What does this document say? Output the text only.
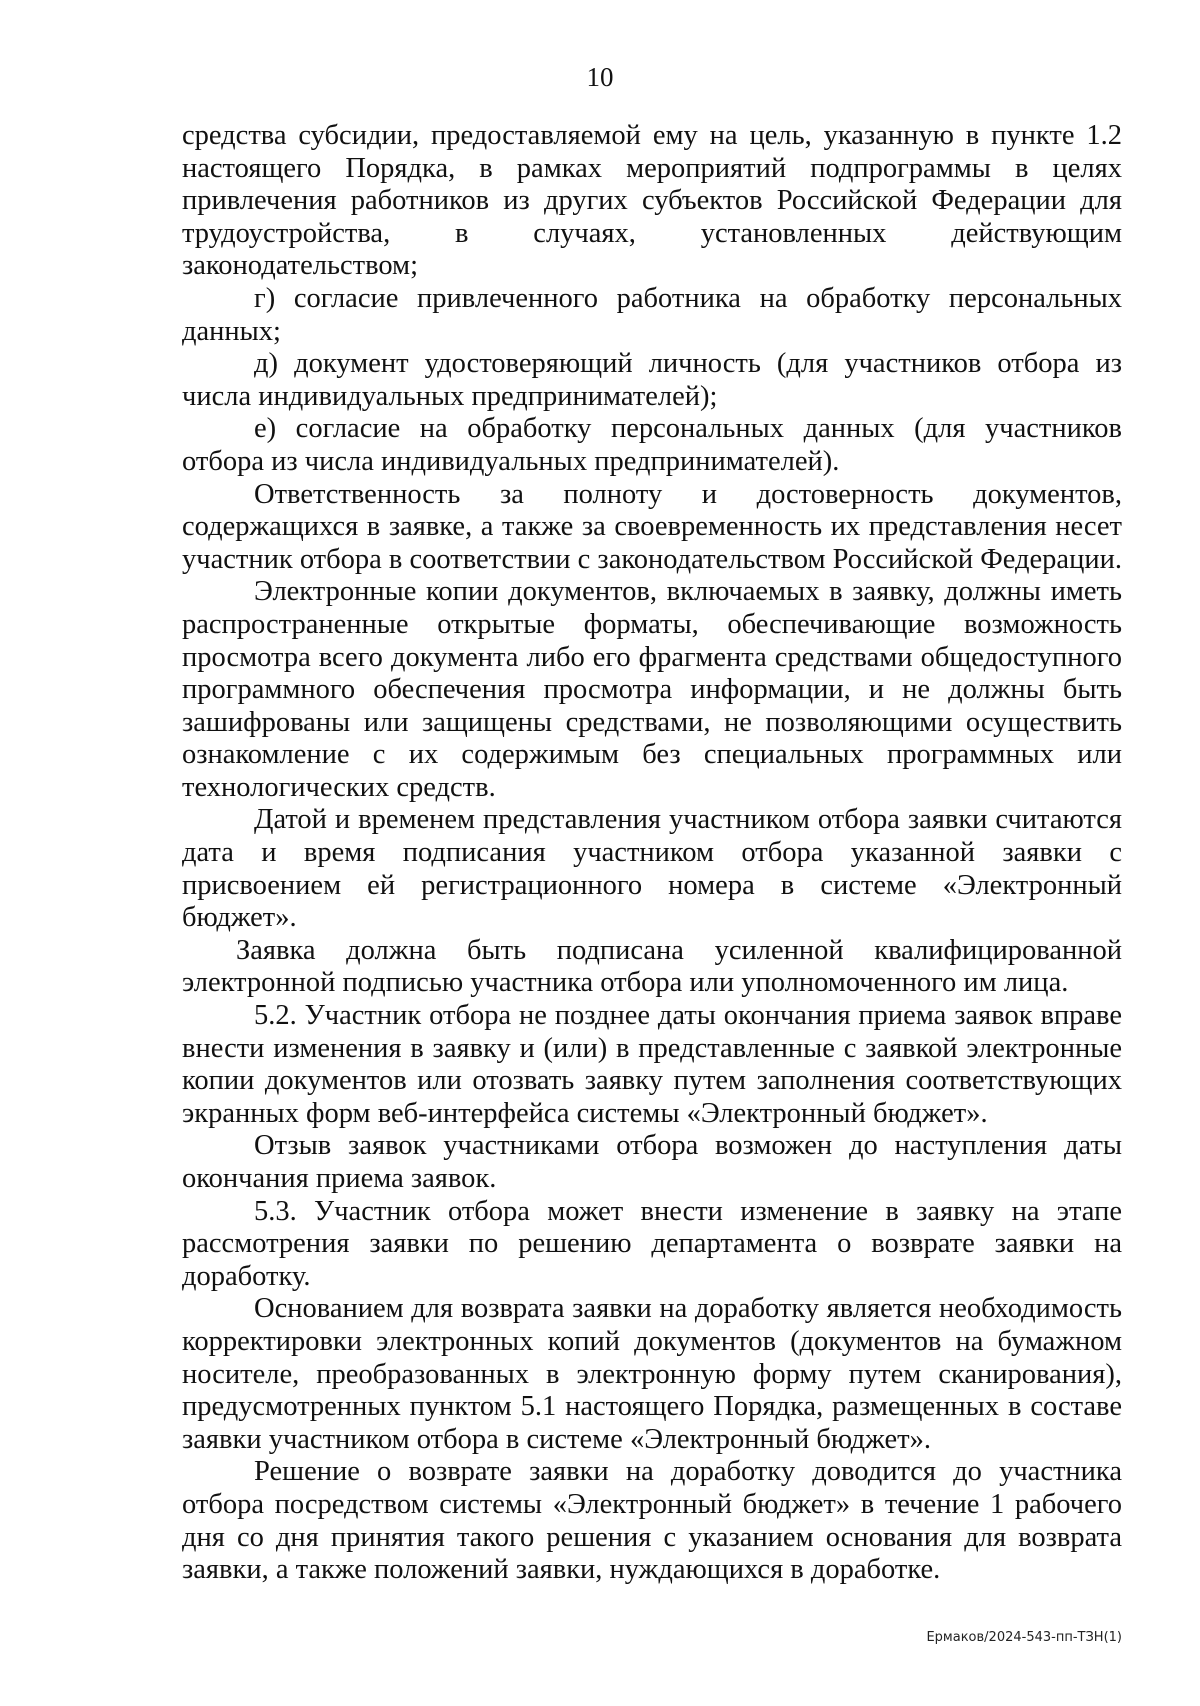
10

средства субсидии, предоставляемой ему на цель, указанную в пункте 1.2 настоящего Порядка, в рамках мероприятий подпрограммы в целях привлечения работников из других субъектов Российской Федерации для трудоустройства, в случаях, установленных действующим законодательством;

г) согласие привлеченного работника на обработку персональных данных;

д) документ удостоверяющий личность (для участников отбора из числа индивидуальных предпринимателей);

е) согласие на обработку персональных данных (для участников отбора из числа индивидуальных предпринимателей).

Ответственность за полноту и достоверность документов, содержащихся в заявке, а также за своевременность их представления несет участник отбора в соответствии с законодательством Российской Федерации.

Электронные копии документов, включаемых в заявку, должны иметь распространенные открытые форматы, обеспечивающие возможность просмотра всего документа либо его фрагмента средствами общедоступного программного обеспечения просмотра информации, и не должны быть зашифрованы или защищены средствами, не позволяющими осуществить ознакомление с их содержимым без специальных программных или технологических средств.

Датой и временем представления участником отбора заявки считаются дата и время подписания участником отбора указанной заявки с присвоением ей регистрационного номера в системе «Электронный бюджет».

Заявка должна быть подписана усиленной квалифицированной электронной подписью участника отбора или уполномоченного им лица.

5.2. Участник отбора не позднее даты окончания приема заявок вправе внести изменения в заявку и (или) в представленные с заявкой электронные копии документов или отозвать заявку путем заполнения соответствующих экранных форм веб-интерфейса системы «Электронный бюджет».

Отзыв заявок участниками отбора возможен до наступления даты окончания приема заявок.

5.3. Участник отбора может внести изменение в заявку на этапе рассмотрения заявки по решению департамента о возврате заявки на доработку.

Основанием для возврата заявки на доработку является необходимость корректировки электронных копий документов (документов на бумажном носителе, преобразованных в электронную форму путем сканирования), предусмотренных пунктом 5.1 настоящего Порядка, размещенных в составе заявки участником отбора в системе «Электронный бюджет».

Решение о возврате заявки на доработку доводится до участника отбора посредством системы «Электронный бюджет» в течение 1 рабочего дня со дня принятия такого решения с указанием основания для возврата заявки, а также положений заявки, нуждающихся в доработке.

Ермаков/2024-543-пп-ТЗН(1)
